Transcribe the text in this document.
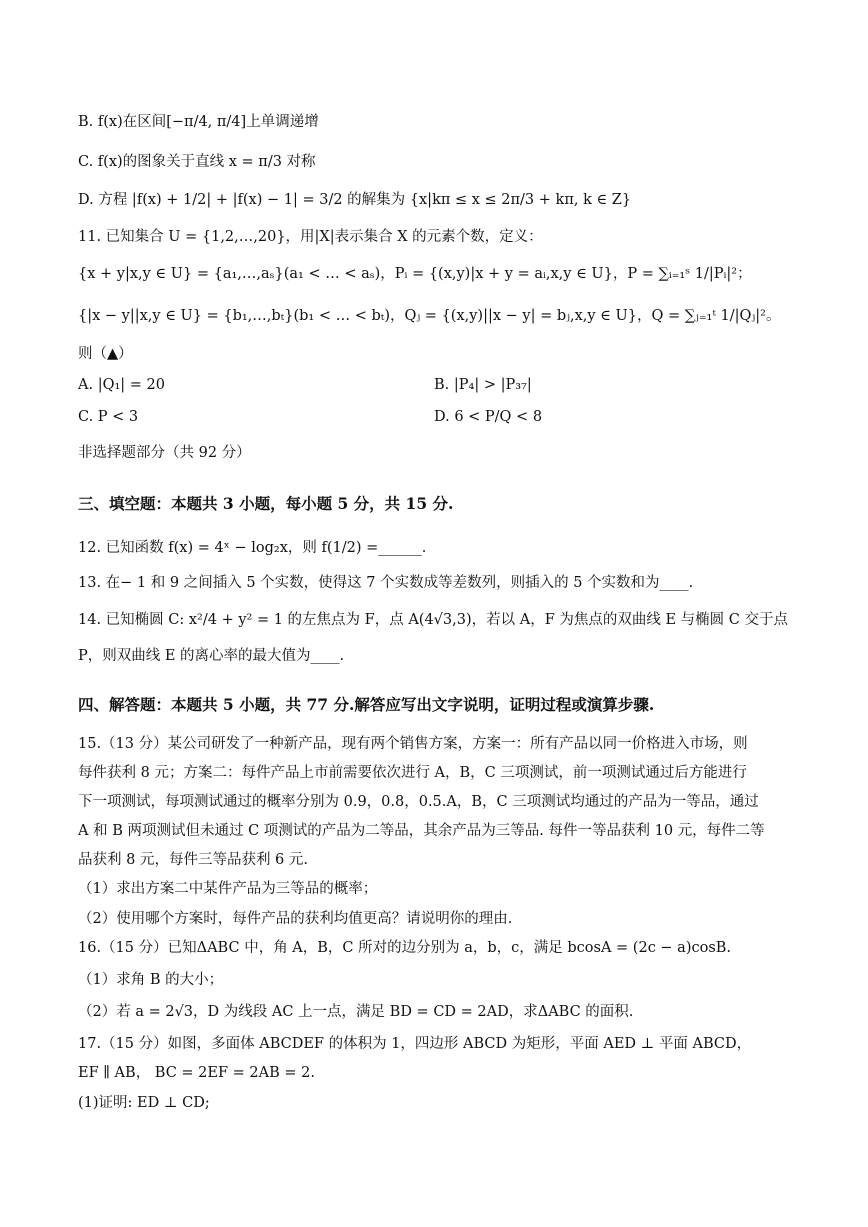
B. f(x)在区间[−π/4, π/4]上单调递增
C. f(x)的图象关于直线 x = π/3 对称
D. 方程 |f(x) + 1/2| + |f(x) − 1| = 3/2 的解集为 {x|kπ ≤ x ≤ 2π/3 + kπ, k ∈ Z}
11. 已知集合 U = {1,2,…,20}，用|X|表示集合 X 的元素个数，定义：
{x + y|x,y ∈ U} = {a₁,…,aₛ}(a₁ < … < aₛ)，Pᵢ = {(x,y)|x + y = aᵢ,x,y ∈ U}，P = ∑ᵢ₌₁ˢ 1/|Pᵢ|²；
{|x − y||x,y ∈ U} = {b₁,…,bₜ}(b₁ < … < bₜ)，Qⱼ = {(x,y)||x − y| = bⱼ,x,y ∈ U}，Q = ∑ⱼ₌₁ᵗ 1/|Qⱼ|²。
则（▲）
A. |Q₁| = 20	B. |P₄| > |P₃₇|
C. P < 3	D. 6 < P/Q < 8
非选择题部分（共 92 分）
三、填空题：本题共 3 小题，每小题 5 分，共 15 分.
12. 已知函数 f(x) = 4ˣ − log₂x，则 f(1/2) =______.
13. 在− 1 和 9 之间插入 5 个实数，使得这 7 个实数成等差数列，则插入的 5 个实数和为____.
14. 已知椭圆 C: x²/4 + y² = 1 的左焦点为 F，点 A(4√3,3)，若以 A，F 为焦点的双曲线 E 与椭圆 C 交于点
P，则双曲线 E 的离心率的最大值为____.
四、解答题：本题共 5 小题，共 77 分.解答应写出文字说明，证明过程或演算步骤.
15.（13 分）某公司研发了一种新产品，现有两个销售方案，方案一：所有产品以同一价格进入市场，则
每件获利 8 元；方案二：每件产品上市前需要依次进行 A，B，C 三项测试，前一项测试通过后方能进行
下一项测试，每项测试通过的概率分别为 0.9，0.8，0.5.A，B，C 三项测试均通过的产品为一等品，通过
A 和 B 两项测试但未通过 C 项测试的产品为二等品，其余产品为三等品. 每件一等品获利 10 元，每件二等
品获利 8 元，每件三等品获利 6 元.
（1）求出方案二中某件产品为三等品的概率；
（2）使用哪个方案时，每件产品的获利均值更高？请说明你的理由.
16.（15 分）已知ΔABC 中，角 A，B，C 所对的边分别为 a，b，c，满足 bcosA = (2c − a)cosB.
（1）求角 B 的大小；
（2）若 a = 2√3，D 为线段 AC 上一点，满足 BD = CD = 2AD，求ΔABC 的面积.
17.（15 分）如图，多面体 ABCDEF 的体积为 1，四边形 ABCD 为矩形，平面 AED ⊥ 平面 ABCD，
EF ∥ AB， BC = 2EF = 2AB = 2.
(1)证明: ED ⊥ CD;
